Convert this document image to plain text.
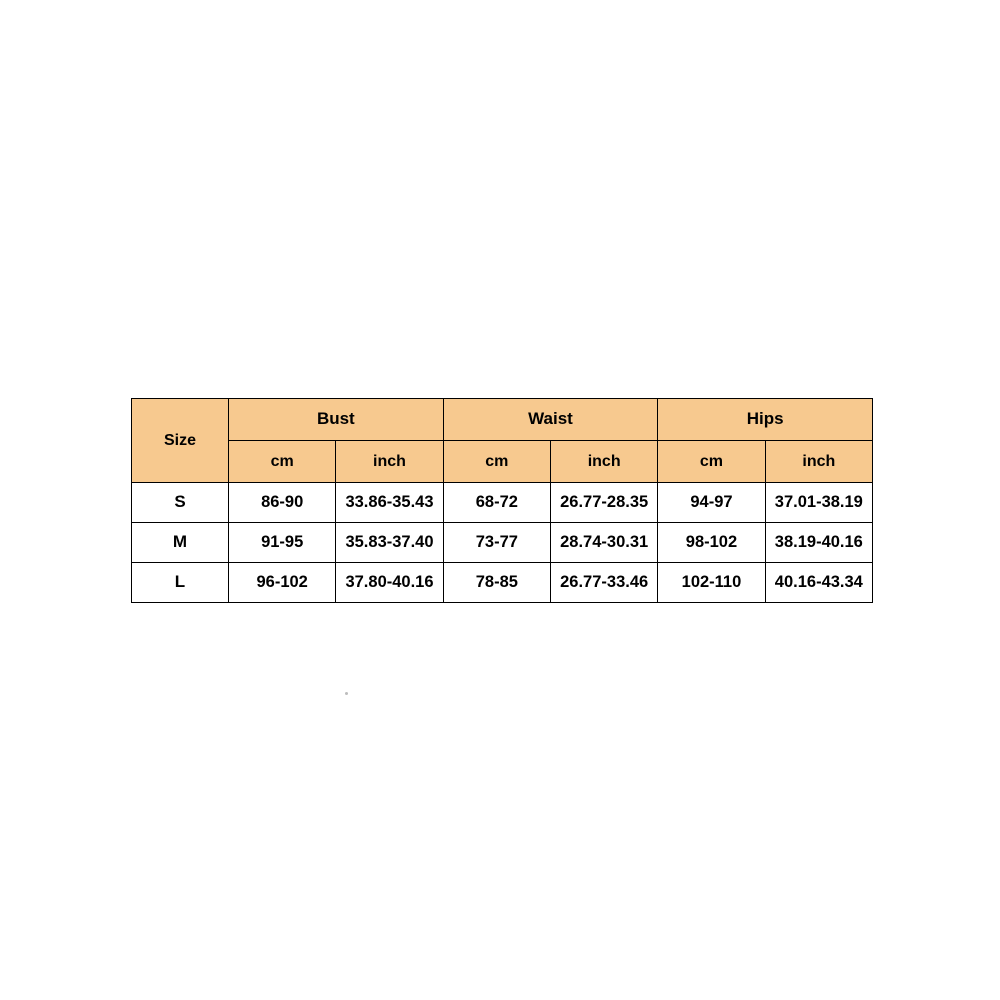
Size	Bust		Waist		Hips	
	cm	inch	cm	inch	cm	inch
S	86-90	33.86-35.43	68-72	26.77-28.35	94-97	37.01-38.19
M	91-95	35.83-37.40	73-77	28.74-30.31	98-102	38.19-40.16
L	96-102	37.80-40.16	78-85	26.77-33.46	102-110	40.16-43.34
